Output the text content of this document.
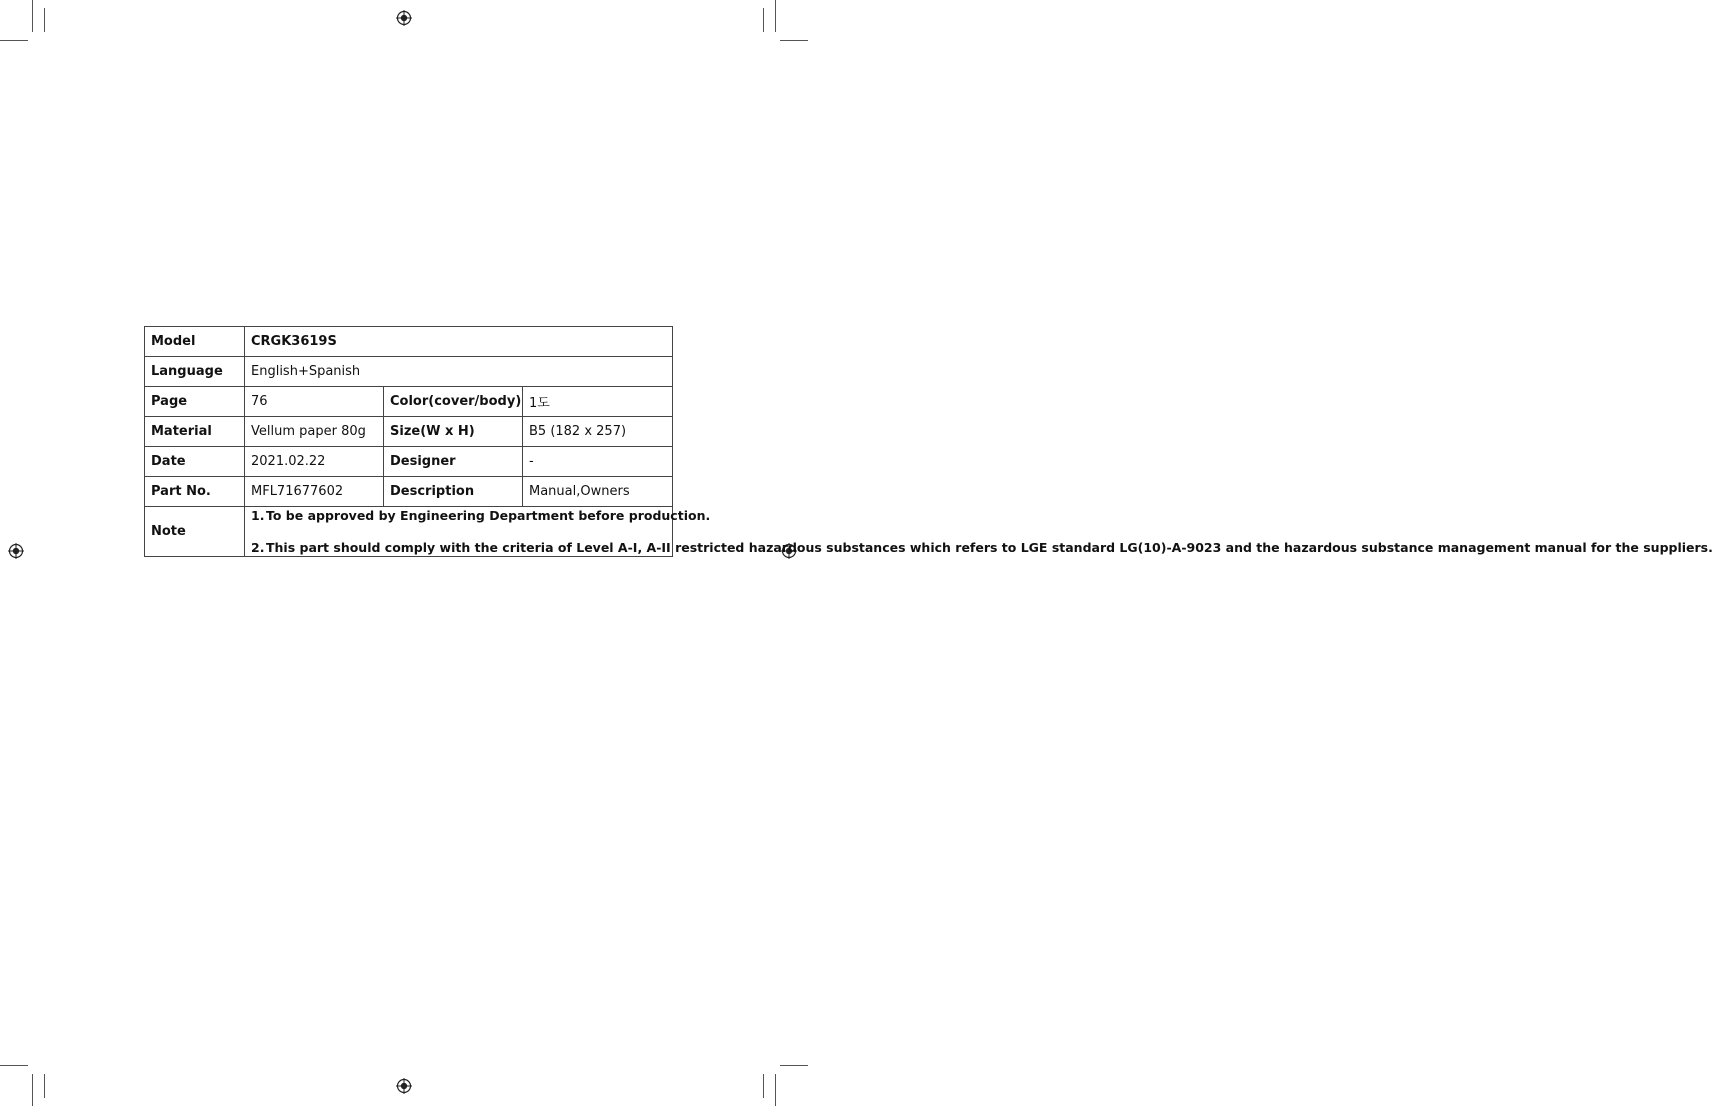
Model	CRGK3619S		
Language	English+Spanish		
Page	76	Color(cover/body)	1도
Material	Vellum paper 80g	Size(W x H)	B5 (182 x 257)
Date	2021.02.22	Designer	-
Part No.	MFL71677602	Description	Manual,Owners
Note	1. To be approved by Engineering Department before production.

2. This part should comply with the criteria of Level A-I, A-II restricted hazardous substances which refers to LGE standard LG(10)-A-9023 and the hazardous substance management manual for the suppliers.		
